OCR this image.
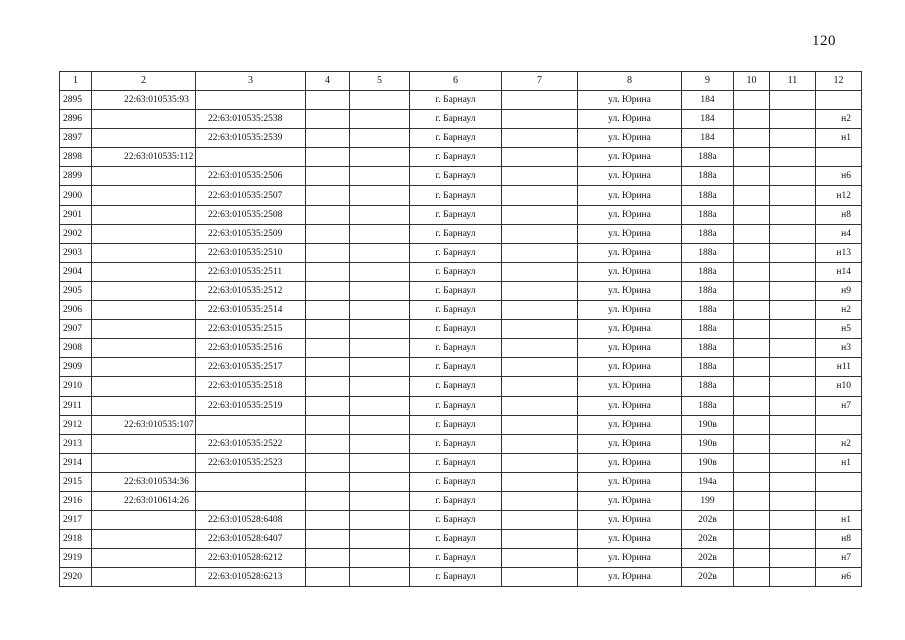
120
1	2	3	4	5	6	7	8	9	10	11	12
2895	22:63:010535:93				г. Барнаул		ул. Юрина	184			
2896		22:63:010535:2538			г. Барнаул		ул. Юрина	184			н2
2897		22:63:010535:2539			г. Барнаул		ул. Юрина	184			н1
2898	22:63:010535:112				г. Барнаул		ул. Юрина	188а			
2899		22:63:010535:2506			г. Барнаул		ул. Юрина	188а			н6
2900		22:63:010535:2507			г. Барнаул		ул. Юрина	188а			н12
2901		22:63:010535:2508			г. Барнаул		ул. Юрина	188а			н8
2902		22:63:010535:2509			г. Барнаул		ул. Юрина	188а			н4
2903		22:63:010535:2510			г. Барнаул		ул. Юрина	188а			н13
2904		22:63:010535:2511			г. Барнаул		ул. Юрина	188а			н14
2905		22:63:010535:2512			г. Барнаул		ул. Юрина	188а			н9
2906		22:63:010535:2514			г. Барнаул		ул. Юрина	188а			н2
2907		22:63:010535:2515			г. Барнаул		ул. Юрина	188а			н5
2908		22:63:010535:2516			г. Барнаул		ул. Юрина	188а			н3
2909		22:63:010535:2517			г. Барнаул		ул. Юрина	188а			н11
2910		22:63:010535:2518			г. Барнаул		ул. Юрина	188а			н10
2911		22:63:010535:2519			г. Барнаул		ул. Юрина	188а			н7
2912	22:63:010535:107				г. Барнаул		ул. Юрина	190в			
2913		22:63:010535:2522			г. Барнаул		ул. Юрина	190в			н2
2914		22:63:010535:2523			г. Барнаул		ул. Юрина	190в			н1
2915	22:63:010534:36				г. Барнаул		ул. Юрина	194а			
2916	22:63:010614:26				г. Барнаул		ул. Юрина	199			
2917		22:63:010528:6408			г. Барнаул		ул. Юрина	202в			н1
2918		22:63:010528:6407			г. Барнаул		ул. Юрина	202в			н8
2919		22:63:010528:6212			г. Барнаул		ул. Юрина	202в			н7
2920		22:63:010528:6213			г. Барнаул		ул. Юрина	202в			н6
